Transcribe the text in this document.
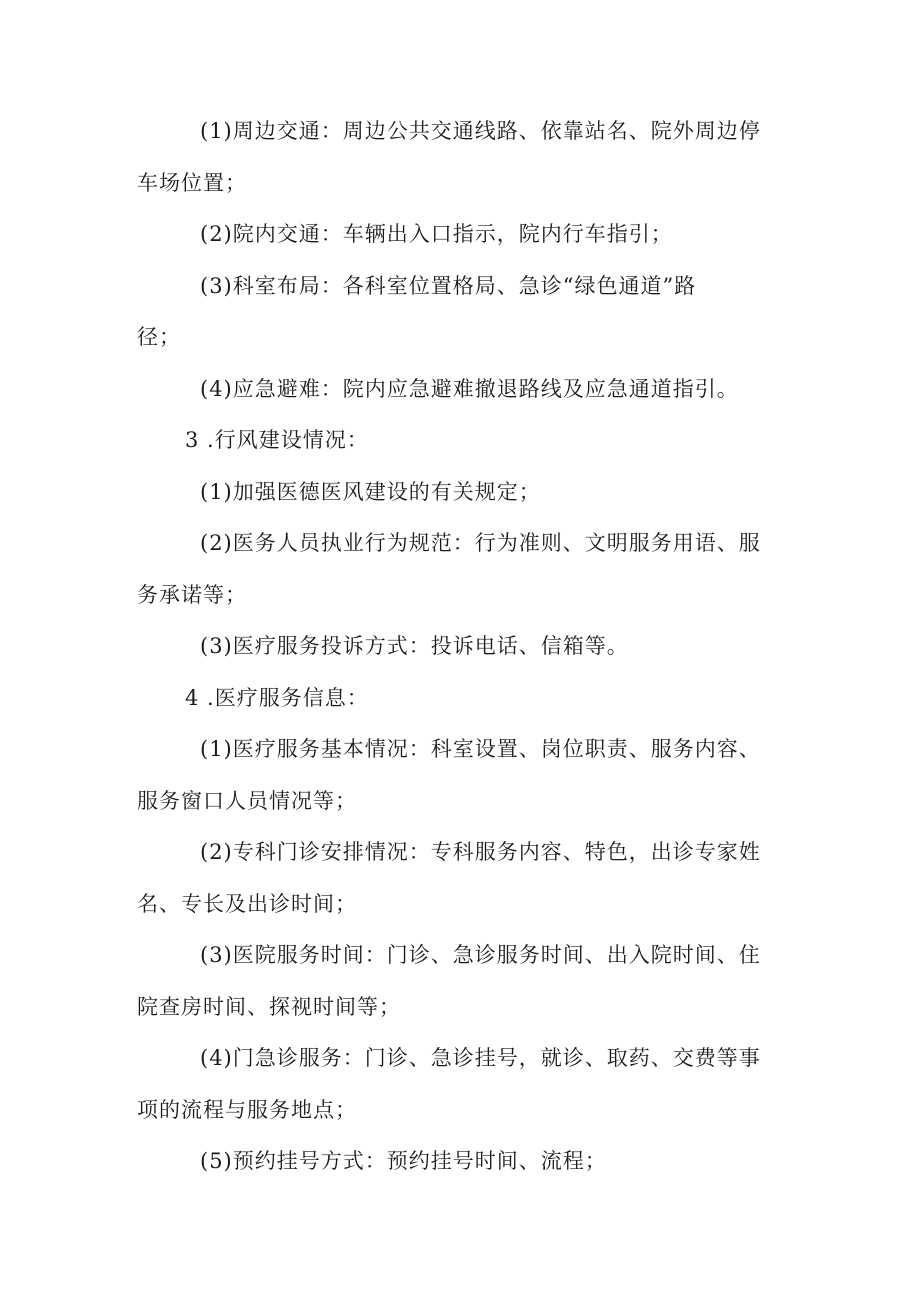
(1)周边交通：周边公共交通线路、依靠站名、院外周边停
车场位置；
(2)院内交通：车辆出入口指示，院内行车指引；
(3)科室布局：各科室位置格局、急诊“绿色通道”路
径；
(4)应急避难：院内应急避难撤退路线及应急通道指引。
3 .行风建设情况：
(1)加强医德医风建设的有关规定；
(2)医务人员执业行为规范：行为准则、文明服务用语、服
务承诺等；
(3)医疗服务投诉方式：投诉电话、信箱等。
4 .医疗服务信息：
(1)医疗服务基本情况：科室设置、岗位职责、服务内容、
服务窗口人员情况等；
(2)专科门诊安排情况：专科服务内容、特色，出诊专家姓
名、专长及出诊时间；
(3)医院服务时间：门诊、急诊服务时间、出入院时间、住
院查房时间、探视时间等；
(4)门急诊服务：门诊、急诊挂号，就诊、取药、交费等事
项的流程与服务地点；
(5)预约挂号方式：预约挂号时间、流程；
